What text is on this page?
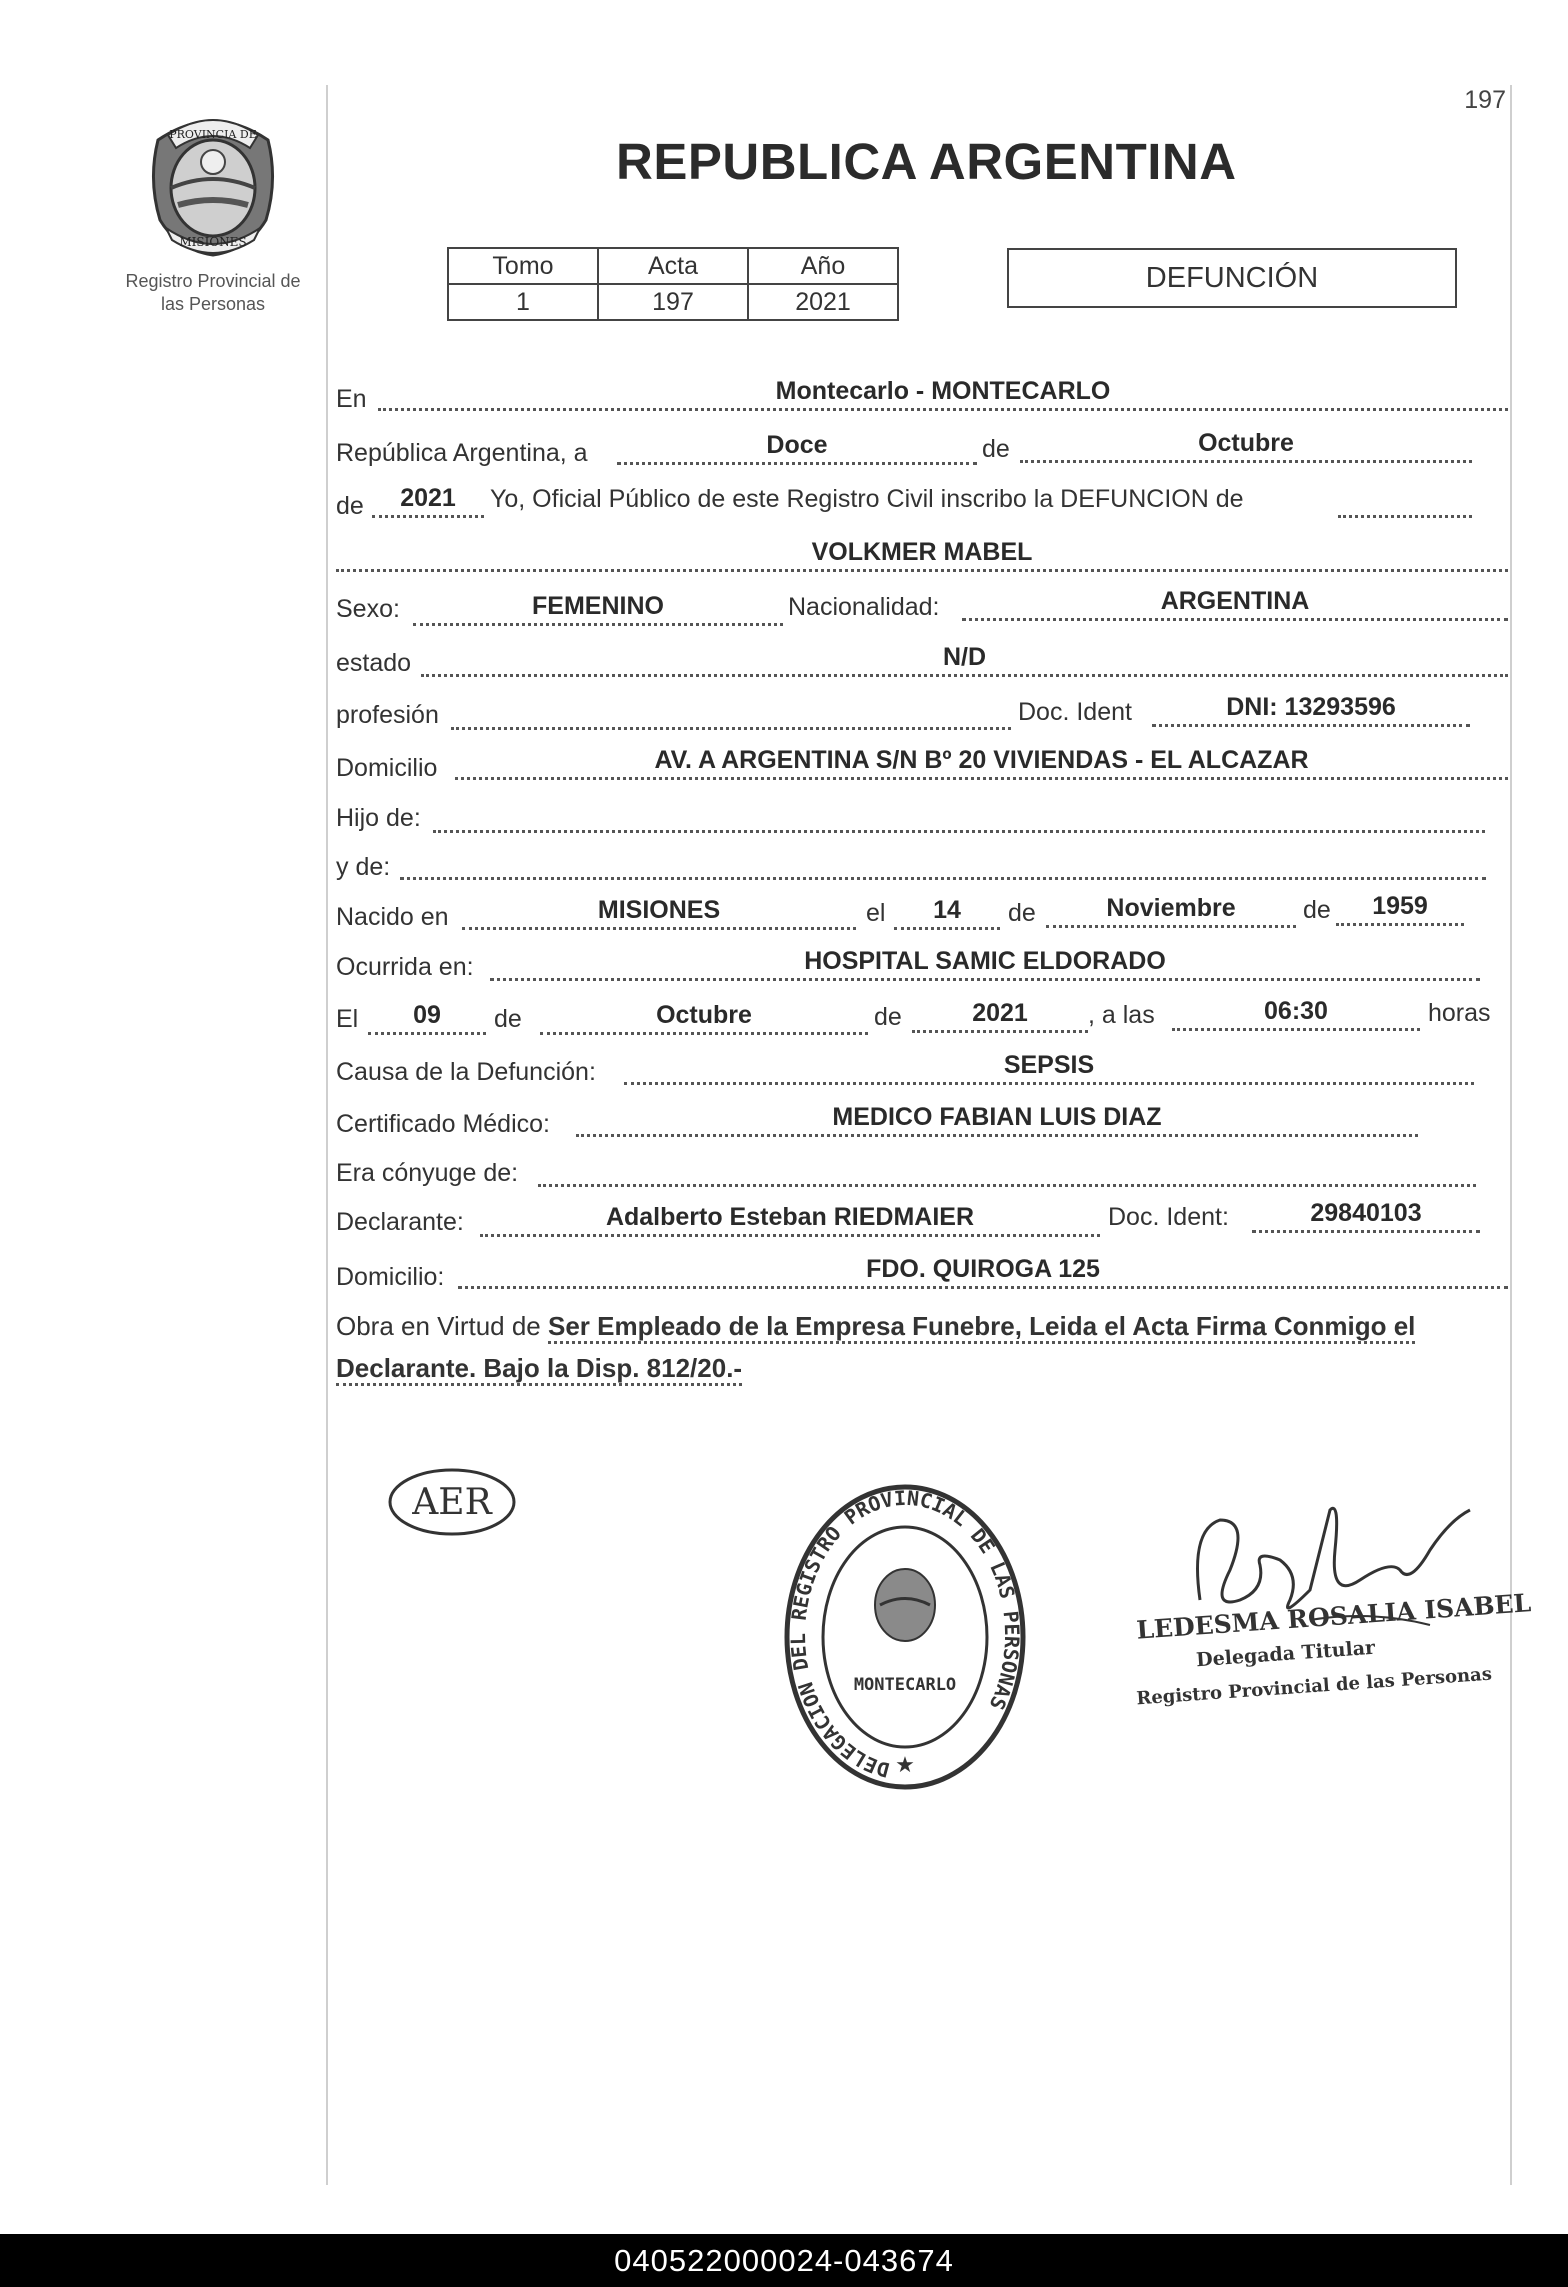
197
PROVINCIA DE
MISIONES
Registro Provincial de
las Personas
REPUBLICA ARGENTINA
Tomo	Acta	Año
1	197	2021
DEFUNCIÓN
En	Montecarlo - MONTECARLO
República Argentina, a	Doce	de	Octubre
de	2021	Yo, Oficial Público de este Registro Civil inscribo la DEFUNCION de
VOLKMER MABEL
Sexo:	FEMENINO	Nacionalidad:	ARGENTINA
estado	N/D
profesión	Doc. Ident	DNI: 13293596
Domicilio	AV. A ARGENTINA S/N Bº 20 VIVIENDAS - EL ALCAZAR
Hijo de:
y de:
Nacido en	MISIONES	el	14	de	Noviembre	de	1959
Ocurrida en:	HOSPITAL SAMIC ELDORADO
El	09	de	Octubre	de	2021	, a las	06:30	horas
Causa de la Defunción:	SEPSIS
Certificado Médico:	MEDICO FABIAN LUIS DIAZ
Era cónyuge de:
Declarante:	Adalberto Esteban RIEDMAIER	Doc. Ident:	29840103
Domicilio:	FDO. QUIROGA 125
Obra en Virtud de Ser Empleado de la Empresa Funebre, Leida el Acta Firma Conmigo el Declarante. Bajo la Disp. 812/20.-
AER
DELEGACION DEL REGISTRO PROVINCIAL DE LAS PERSONAS
MONTECARLO
★
LEDESMA ROSALIA ISABEL
Delegada Titular
Registro Provincial de las Personas
040522000024-043674
